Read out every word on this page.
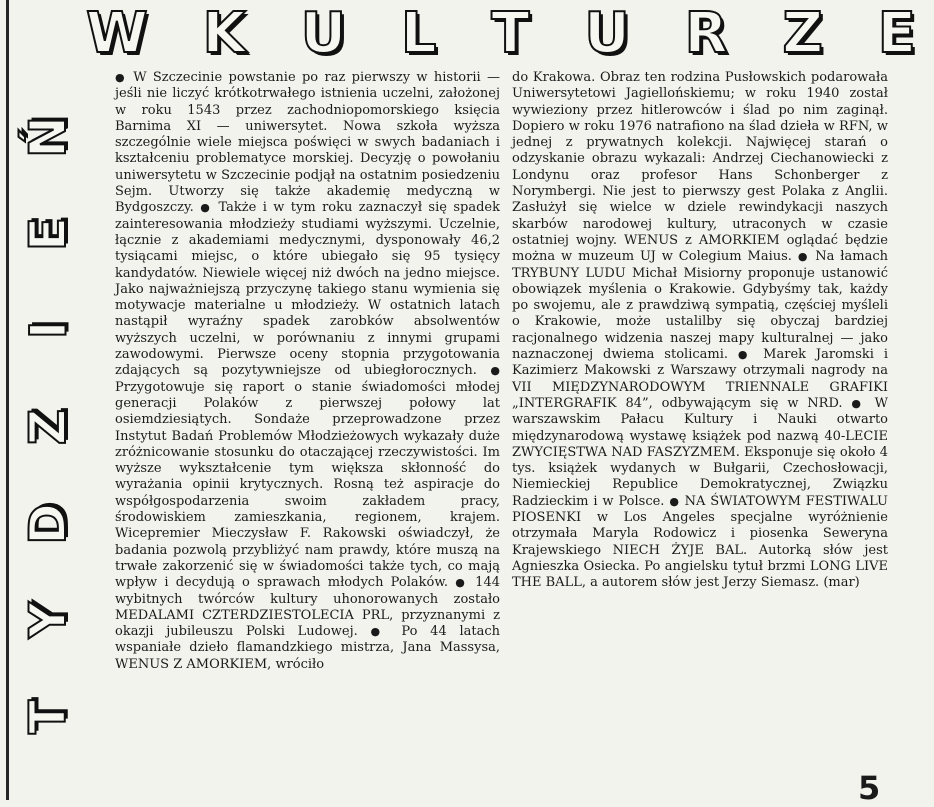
W K U L T U R Z E
Ń
E
I
Z
D
Y
T

● W Szczecinie powstanie po raz pierwszy w historii — jeśli nie liczyć krótkotrwałego istnienia uczelni, założonej w roku 1543 przez zachodniopomorskiego księcia Barnima XI — uniwersytet. Nowa szkoła wyższa szczególnie wiele miejsca poświęci w swych badaniach i kształceniu problematyce morskiej. Decyzję o powołaniu uniwersytetu w Szczecinie podjął na ostatnim posiedzeniu Sejm. Utworzy się także akademię medyczną w Bydgoszczy. ● Także i w tym roku zaznaczył się spadek zainteresowania młodzieży studiami wyższymi. Uczelnie, łącznie z akademiami medycznymi, dysponowały 46,2 tysiącami miejsc, o które ubiegało się 95 tysięcy kandydatów. Niewiele więcej niż dwóch na jedno miejsce. Jako najważniejszą przyczynę takiego stanu wymienia się motywacje materialne u młodzieży. W ostatnich latach nastąpił wyraźny spadek zarobków absolwentów wyższych uczelni, w porównaniu z innymi grupami zawodowymi. Pierwsze oceny stopnia przygotowania zdających są pozytywniejsze od ubiegłorocznych. ● Przygotowuje się raport o stanie świadomości młodej generacji Polaków z pierwszej połowy lat osiemdziesiątych. Sondaże przeprowadzone przez Instytut Badań Problemów Młodzieżowych wykazały duże zróżnicowanie stosunku do otaczającej rzeczywistości. Im wyższe wykształcenie tym większa skłonność do wyrażania opinii krytycznych. Rosną też aspiracje do współgospodarzenia swoim zakładem pracy, środowiskiem zamieszkania, regionem, krajem. Wicepremier Mieczysław F. Rakowski oświadczył, że badania pozwolą przybliżyć nam prawdy, które muszą na trwałe zakorzenić się w świadomości także tych, co mają wpływ i decydują o sprawach młodych Polaków. ● 144 wybitnych twórców kultury uhonorowanych zostało MEDALAMI CZTERDZIESTOLECIA PRL, przyznanymi z okazji jubileuszu Polski Ludowej. ● Po 44 latach wspaniałe dzieło flamandzkiego mistrza, Jana Massysa, WENUS Z AMORKIEM, wróciło

do Krakowa. Obraz ten rodzina Pusłowskich podarowała Uniwersytetowi Jagiellońskiemu; w roku 1940 został wywieziony przez hitlerowców i ślad po nim zaginął. Dopiero w roku 1976 natrafiono na ślad dzieła w RFN, w jednej z prywatnych kolekcji. Najwięcej starań o odzyskanie obrazu wykazali: Andrzej Ciechanowiecki z Londynu oraz profesor Hans Schonberger z Norymbergi. Nie jest to pierwszy gest Polaka z Anglii. Zasłużył się wielce w dziele rewindykacji naszych skarbów narodowej kultury, utraconych w czasie ostatniej wojny. WENUS z AMORKIEM oglądać będzie można w muzeum UJ w Colegium Maius. ● Na łamach TRYBUNY LUDU Michał Misiorny proponuje ustanowić obowiązek myślenia o Krakowie. Gdybyśmy tak, każdy po swojemu, ale z prawdziwą sympatią, częściej myśleli o Krakowie, może ustalilby się obyczaj bardziej racjonalnego widzenia naszej mapy kulturalnej — jako naznaczonej dwiema stolicami. ● Marek Jaromski i Kazimierz Makowski z Warszawy otrzymali nagrody na VII MIĘDZYNARODOWYM TRIENNALE GRAFIKI „INTERGRAFIK 84”, odbywającym się w NRD. ● W warszawskim Pałacu Kultury i Nauki otwarto międzynarodową wystawę książek pod nazwą 40-LECIE ZWYCIĘSTWA NAD FASZYZMEM. Eksponuje się około 4 tys. książek wydanych w Bułgarii, Czechosłowacji, Niemieckiej Republice Demokratycznej, Związku Radzieckim i w Polsce. ● NA ŚWIATOWYM FESTIWALU PIOSENKI w Los Angeles specjalne wyróżnienie otrzymała Maryla Rodowicz i piosenka Seweryna Krajewskiego NIECH ŻYJE BAL. Autorką słów jest Agnieszka Osiecka. Po angielsku tytuł brzmi LONG LIVE THE BALL, a autorem słów jest Jerzy Siemasz. (mar)

5
